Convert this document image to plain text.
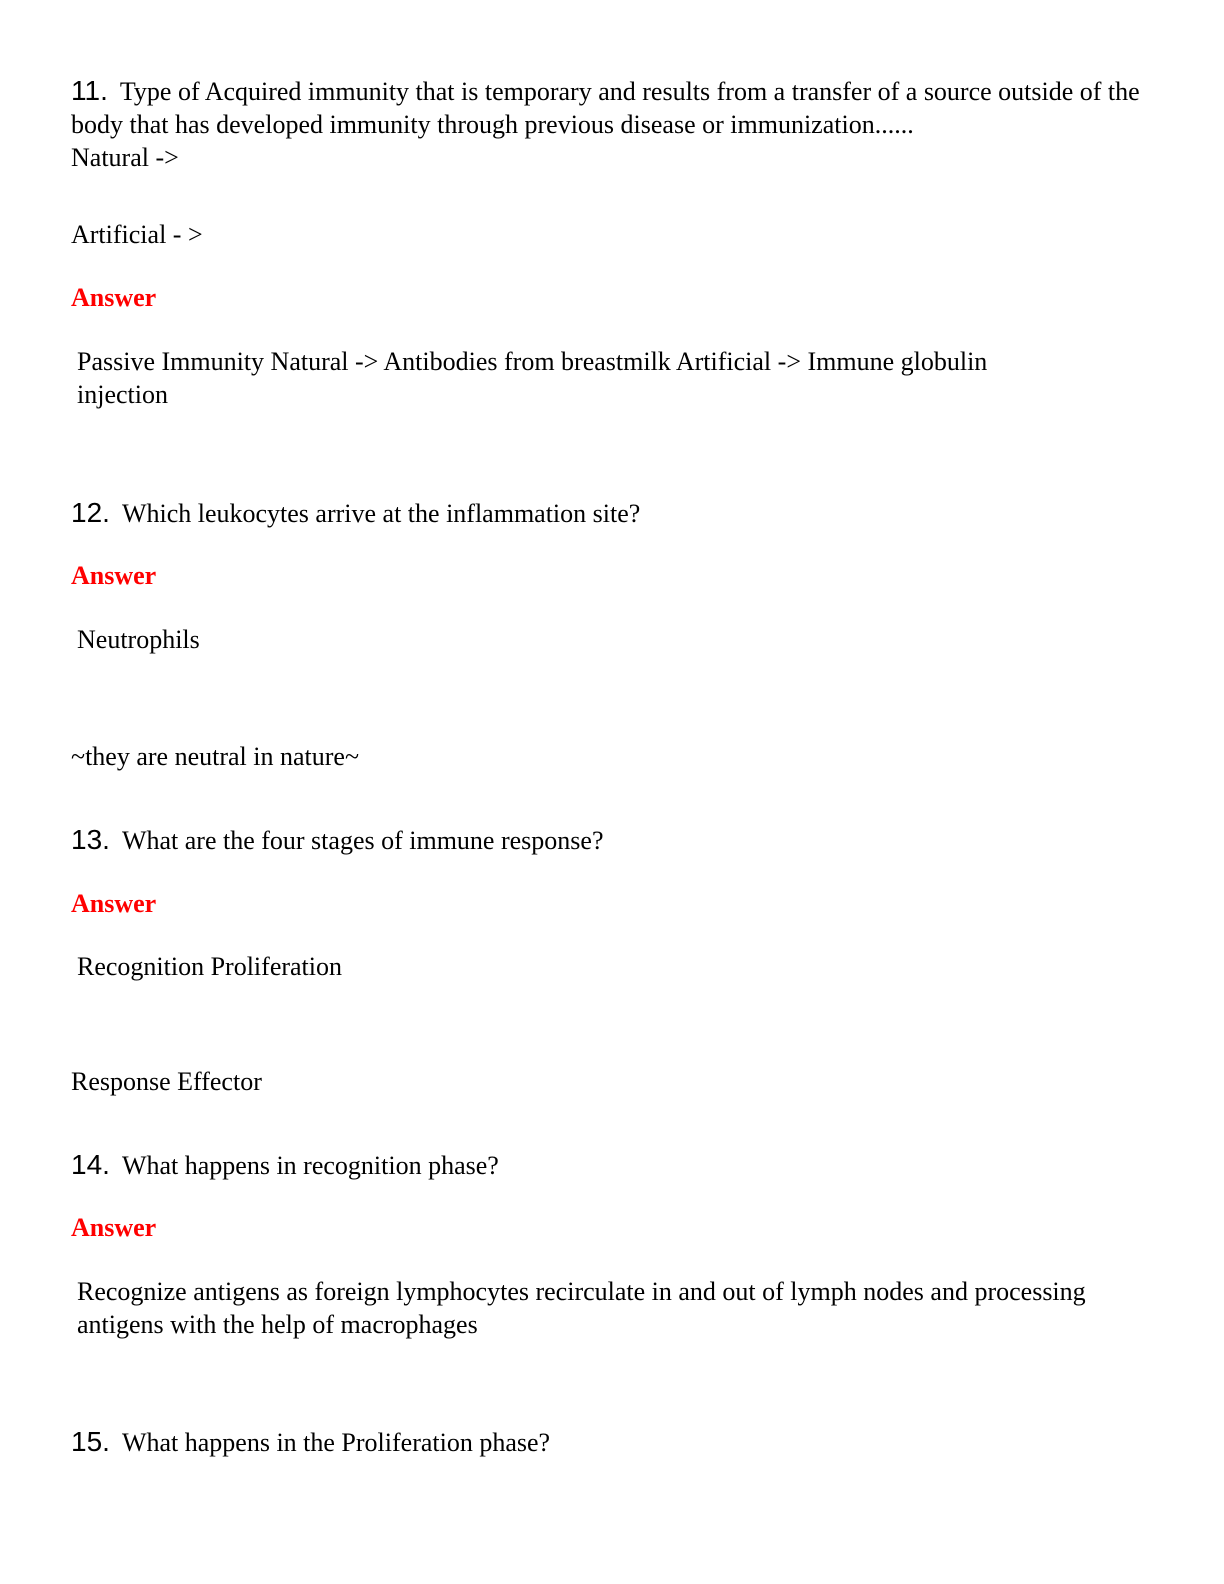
11. Type of Acquired immunity that is temporary and results from a transfer of a source outside of the body that has developed immunity through previous disease or immunization......
Natural ->

Artificial - >

Answer

Passive Immunity Natural -> Antibodies from breastmilk Artificial -> Immune globulin injection

12. Which leukocytes arrive at the inflammation site?

Answer

Neutrophils

~they are neutral in nature~

13. What are the four stages of immune response?

Answer

Recognition Proliferation

Response Effector

14. What happens in recognition phase?

Answer

Recognize antigens as foreign lymphocytes recirculate in and out of lymph nodes and processing antigens with the help of macrophages

15. What happens in the Proliferation phase?
